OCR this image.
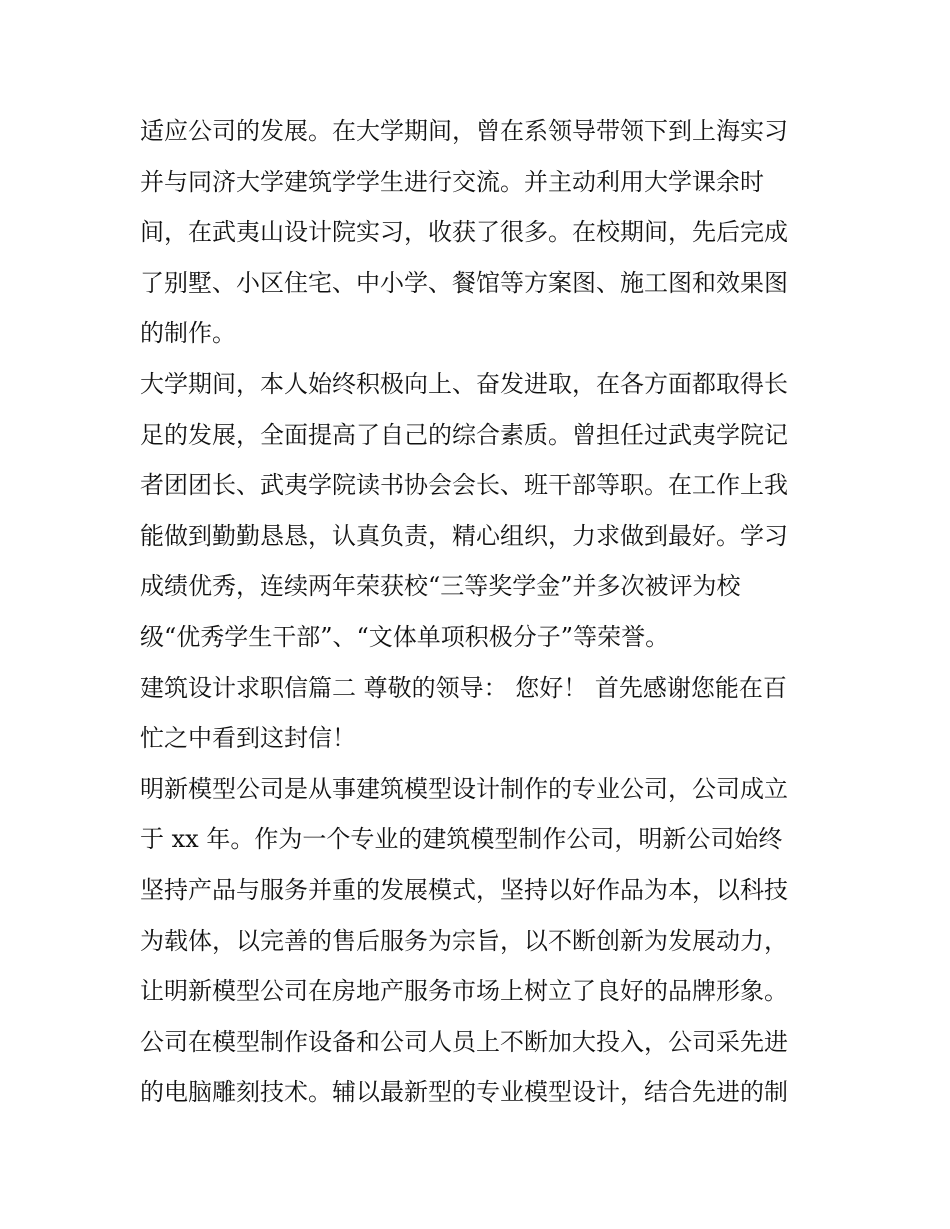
适应公司的发展。在大学期间，曾在系领导带领下到上海实习
并与同济大学建筑学学生进行交流。并主动利用大学课余时
间，在武夷山设计院实习，收获了很多。在校期间，先后完成
了别墅、小区住宅、中小学、餐馆等方案图、施工图和效果图
的制作。
大学期间，本人始终积极向上、奋发进取，在各方面都取得长
足的发展，全面提高了自己的综合素质。曾担任过武夷学院记
者团团长、武夷学院读书协会会长、班干部等职。在工作上我
能做到勤勤恳恳，认真负责，精心组织，力求做到最好。学习
成绩优秀，连续两年荣获校“三等奖学金”并多次被评为校
级“优秀学生干部”、“文体单项积极分子”等荣誉。
建筑设计求职信篇二 尊敬的领导： 您好！ 首先感谢您能在百
忙之中看到这封信！
明新模型公司是从事建筑模型设计制作的专业公司，公司成立
于 xx 年。作为一个专业的建筑模型制作公司，明新公司始终
坚持产品与服务并重的发展模式，坚持以好作品为本，以科技
为载体，以完善的售后服务为宗旨，以不断创新为发展动力，
让明新模型公司在房地产服务市场上树立了良好的品牌形象。
公司在模型制作设备和公司人员上不断加大投入，公司采先进
的电脑雕刻技术。辅以最新型的专业模型设计，结合先进的制
